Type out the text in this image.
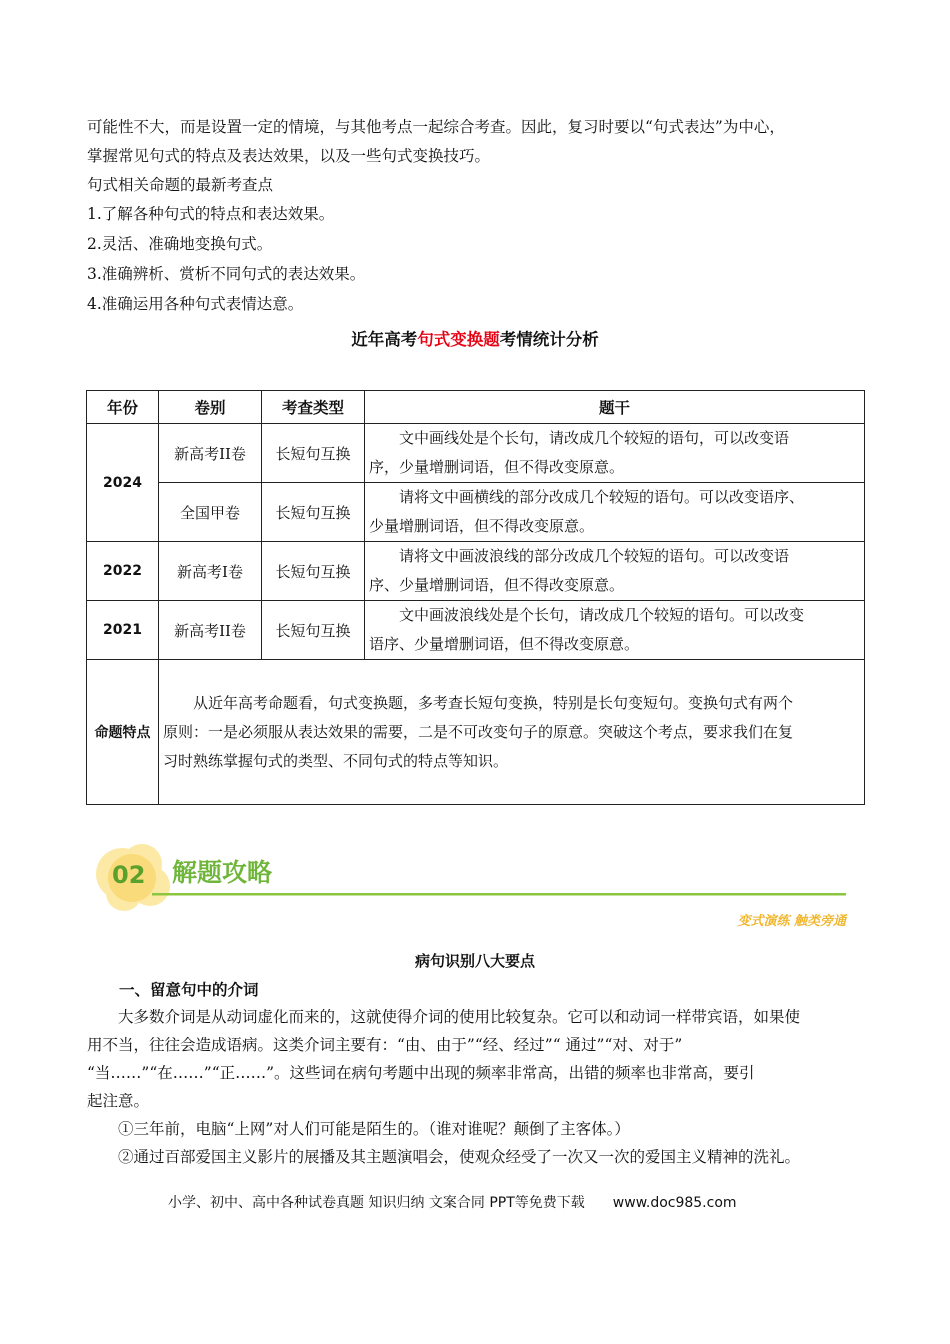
可能性不大，而是设置一定的情境，与其他考点一起综合考查。因此，复习时要以“句式表达”为中心，
掌握常见句式的特点及表达效果，以及一些句式变换技巧。
句式相关命题的最新考查点
1.了解各种句式的特点和表达效果。
2.灵活、准确地变换句式。
3.准确辨析、赏析不同句式的表达效果。
4.准确运用各种句式表情达意。
近年高考句式变换题考情统计分析
年份	卷别	考查类型	题干
2024	新高考II卷	长短句互换	文中画线处是个长句，请改成几个较短的语句，可以改变语
序，少量增删词语，但不得改变原意。
	全国甲卷	长短句互换	请将文中画横线的部分改成几个较短的语句。可以改变语序、
少量增删词语，但不得改变原意。
2022	新高考I卷	长短句互换	请将文中画波浪线的部分改成几个较短的语句。可以改变语
序、少量增删词语，但不得改变原意。
2021	新高考II卷	长短句互换	文中画波浪线处是个长句，请改成几个较短的语句。可以改变
语序、少量增删词语，但不得改变原意。
命题特点	从近年高考命题看，句式变换题，多考查长短句变换，特别是长句变短句。变换句式有两个
原则：一是必须服从表达效果的需要，二是不可改变句子的原意。突破这个考点，要求我们在复
习时熟练掌握句式的类型、不同句式的特点等知识。		
02 解题攻略
变式演练 触类旁通
病句识别八大要点
一、留意句中的介词
大多数介词是从动词虚化而来的，这就使得介词的使用比较复杂。它可以和动词一样带宾语，如果使
用不当，往往会造成语病。这类介词主要有：“由、由于”“经、经过”“ 通过”“对、对于”
“当……”“在……”“正……”。这些词在病句考题中出现的频率非常高，出错的频率也非常高，要引
起注意。
①三年前，电脑“上网”对人们可能是陌生的。（谁对谁呢？颠倒了主客体。）
②通过百部爱国主义影片的展播及其主题演唱会，使观众经受了一次又一次的爱国主义精神的洗礼。
小学、初中、高中各种试卷真题 知识归纳 文案合同 PPT等免费下载 www.doc985.com
